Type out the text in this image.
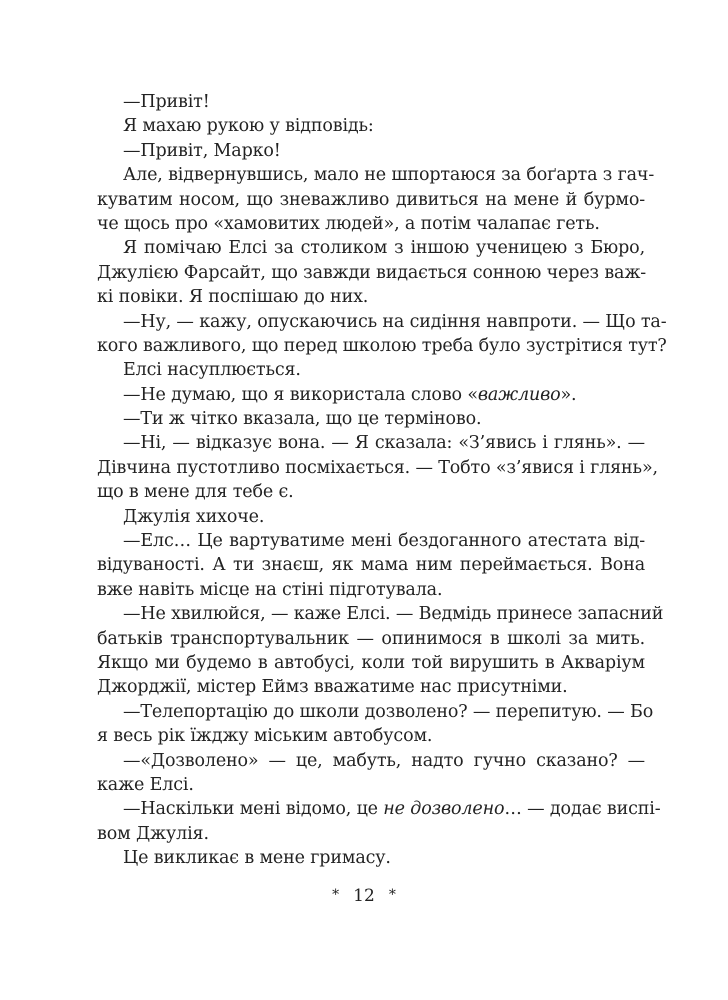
—Привіт!
Я махаю рукою у відповідь:
—Привіт, Марко!
Але, відвернувшись, мало не шпортаюся за боґарта з гач-
куватим носом, що зневажливо дивиться на мене й бурмо-
че щось про «хамовитих людей», а потім чалапає геть.
Я помічаю Елсі за столиком з іншою ученицею з Бюро,
Джулією Фарсайт, що завжди видається сонною через важ-
кі повіки. Я поспішаю до них.
—Ну, — кажу, опускаючись на сидіння навпроти. — Що та-
кого важливого, що перед школою треба було зустрітися тут?
Елсі насуплюється.
—Не думаю, що я використала слово «важливо».
—Ти ж чітко вказала, що це терміново.
—Ні, — відказує вона. — Я сказала: «З’явись і глянь». —
Дівчина пустотливо посміхається. — Тобто «з’явися і глянь»,
що в мене для тебе є.
Джулія хихоче.
—Елс… Це вартуватиме мені бездоганного атестата від-
відуваності. А ти знаєш, як мама ним переймається. Вона
вже навіть місце на стіні підготувала.
—Не хвилюйся, — каже Елсі. — Ведмідь принесе запасний
батьків транспортувальник — опинимося в школі за мить.
Якщо ми будемо в автобусі, коли той вирушить в Акваріум
Джорджії, містер Еймз вважатиме нас присутніми.
—Телепортацію до школи дозволено? — перепитую. — Бо
я весь рік їжджу міським автобусом.
—«Дозволено» — це, мабуть, надто гучно сказано? —
каже Елсі.
—Наскільки мені відомо, це не дозволено… — додає виспі-
вом Джулія.
Це викликає в мене гримасу.
* 12 *
